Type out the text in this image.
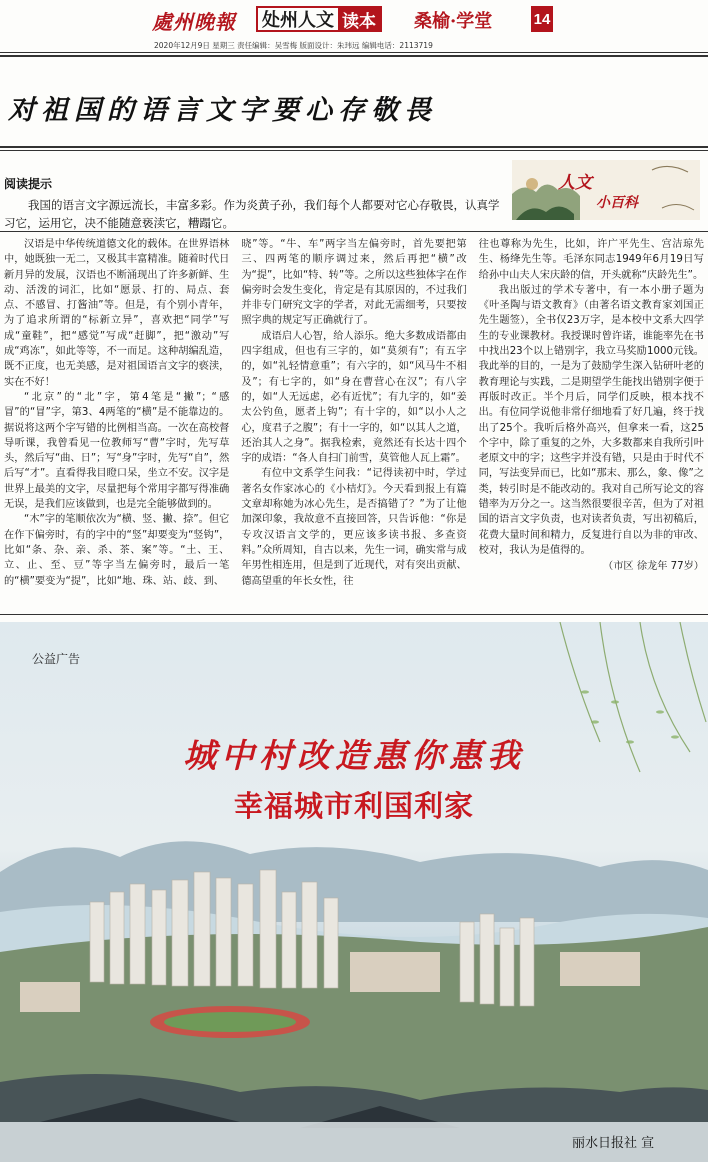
處州晚報 处州人文 读本 桑榆·学堂	14
2020年12月9日 星期三 责任编辑：吴雪梅 版面设计：朱玮远 编辑电话：2113719
对祖国的语言文字要心存敬畏
阅读提示
我国的语言文字源远流长，丰富多彩。作为炎黄子孙，我们每个人都要对它心存敬畏，认真学习它，运用它，决不能随意亵渎它，糟蹋它。
人文
小百科

汉语是中华传统道德文化的载体。在世界语林中，她既独一无二，又极其丰富精准。随着时代日新月异的发展，汉语也不断涌现出了许多新鲜、生动、活泼的词汇，比如“愿景、打的、局点、套点、不感冒、打酱油”等。但是，有个别小青年，为了追求所谓的“标新立异”，喜欢把“同学”写成“童鞋”，把“感觉”写成“赶脚”，把“激动”写成“鸡冻”，如此等等，不一而足。这种胡编乱造，既不正度，也无美感，是对祖国语言文字的亵渎，实在不好！

“北京”的“北”字，第4笔是“撇”；“感冒”的“冒”字，第3、4两笔的“横”是不能靠边的。据说将这两个字写错的比例相当高。一次在高校督导听课，我曾看见一位教师写“曹”字时，先写草头，然后写“曲、日”；写“身”字时，先写“自”，然后写“才”。直看得我目瞪口呆，坐立不安。汉字是世界上最美的文字，尽量把每个常用字都写得准确无误，是我们应该做到，也是完全能够做到的。

“木”字的笔顺依次为“横、竖、撇、捺”。但它在作下偏旁时，有的字中的“竖”却要变为“竖钩”，比如“条、杂、亲、杀、茶、案”等。“土、王、立、止、至、豆”等字当左偏旁时，最后一笔的“横”要变为“提”，比如“地、珠、站、歧、到、

晓”等。“牛、车”两字当左偏旁时，首先要把第三、四两笔的顺序调过来，然后再把“横”改为“提”，比如“特、转”等。之所以这些独体字在作偏旁时会发生变化，肯定是有其原因的，不过我们并非专门研究文字的学者，对此无需细考，只要按照字典的规定写正确就行了。

成语启人心智，给人添乐。绝大多数成语都由四字组成，但也有三字的，如“莫须有”；有五字的，如“礼轻情意重”；有六字的，如“风马牛不相及”；有七字的，如“身在曹营心在汉”；有八字的，如“人无远虑，必有近忧”；有九字的，如“姜太公钓鱼，愿者上钩”；有十字的，如“以小人之心，度君子之腹”；有十一字的，如“以其人之道，还治其人之身”。据我检索，竟然还有长达十四个字的成语：“各人自扫门前雪，莫管他人瓦上霜”。

有位中文系学生问我：“记得读初中时，学过著名女作家冰心的《小桔灯》。今天看到报上有篇文章却称她为冰心先生，是否搞错了？”为了让他加深印象，我故意不直接回答，只告诉他：“你是专攻汉语言文学的，更应该多读书报、多查资料。”众所周知，自古以来，先生一词，确实常与成年男性相连用，但是到了近现代，对有突出贡献、德高望重的年长女性，往

往也尊称为先生，比如，许广平先生、宫洁琼先生、杨绛先生等。毛泽东同志1949年6月19日写给孙中山夫人宋庆龄的信，开头就称“庆龄先生”。

我出版过的学术专著中，有一本小册子题为《叶圣陶与语文教育》（由著名语文教育家刘国正先生题签），全书仅23万字，是本校中文系大四学生的专业课教材。我授课时曾许诺，谁能率先在书中找出23个以上错别字，我立马奖励1000元钱。我此举的目的，一是为了鼓励学生深入钻研叶老的教育理论与实践，二是期望学生能找出错别字便于再版时改正。半个月后，同学们反映，根本找不出。有位同学说他非常仔细地看了好几遍，终于找出了25个。我听后格外高兴，但拿来一看，这25个字中，除了重复的之外，大多数都来自我所引叶老原文中的字；这些字并没有错，只是由于时代不同，写法变异而已，比如“那末、那么，象、像”之类，转引时是不能改动的。我对自己所写论文的容错率为万分之一。这当然很要很辛苦，但为了对祖国的语言文字负责，也对读者负责，写出初稿后，花费大量时间和精力，反复进行自以为非的审改、校对，我认为是值得的。

（市区 徐龙年 77岁）
公益广告
城中村改造惠你惠我
幸福城市利国利家
丽水日报社 宣
